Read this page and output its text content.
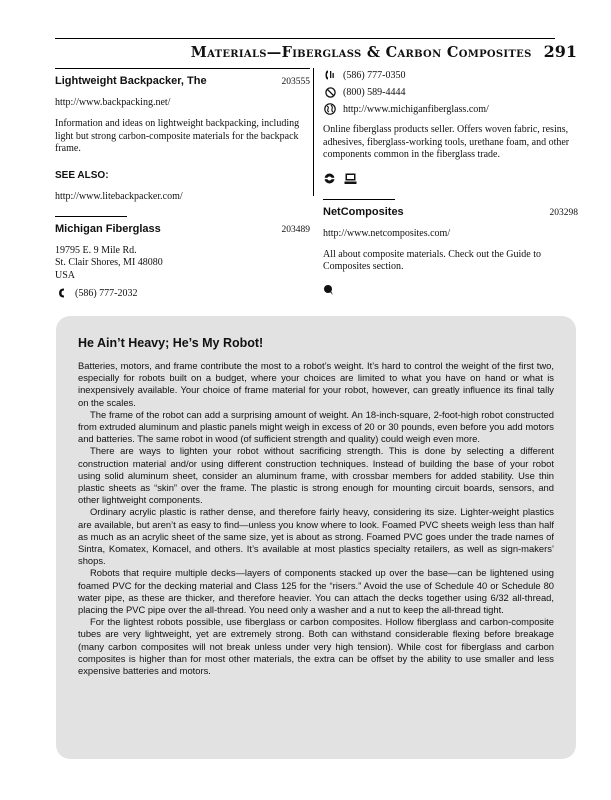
Materials—Fiberglass & Carbon Composites 291
Lightweight Backpacker, The	203555
http://www.backpacking.net/
Information and ideas on lightweight backpacking, including light but strong carbon-composite materials for the backpack frame.
SEE ALSO:
http://www.litebackpacker.com/
Michigan Fiberglass	203489
19795 E. 9 Mile Rd.
St. Clair Shores, MI 48080
USA
(586) 777-2032
(586) 777-0350
(800) 589-4444
http://www.michiganfiberglass.com/
Online fiberglass products seller. Offers woven fabric, resins, adhesives, fiberglass-working tools, urethane foam, and other components common in the fiberglass trade.
NetComposites	203298
http://www.netcomposites.com/
All about composite materials. Check out the Guide to Composites section.
He Ain’t Heavy; He’s My Robot!

Batteries, motors, and frame contribute the most to a robot’s weight. It’s hard to control the weight of the first two, especially for robots built on a budget, where your choices are limited to what you have on hand or what is inexpensively available. Your choice of frame material for your robot, however, can greatly influence its final tally on the scales.

The frame of the robot can add a surprising amount of weight. An 18-inch-square, 2-foot-high robot constructed from extruded aluminum and plastic panels might weigh in excess of 20 or 30 pounds, even before you add motors and batteries. The same robot in wood (of sufficient strength and quality) could weigh even more.

There are ways to lighten your robot without sacrificing strength. This is done by selecting a different construction material and/or using different construction techniques. Instead of building the base of your robot using solid aluminum sheet, consider an aluminum frame, with crossbar members for added stability. Use thin plastic sheets as “skin” over the frame. The plastic is strong enough for mounting circuit boards, sensors, and other lightweight components.

Ordinary acrylic plastic is rather dense, and therefore fairly heavy, considering its size. Lighter-weight plastics are available, but aren’t as easy to find—unless you know where to look. Foamed PVC sheets weigh less than half as much as an acrylic sheet of the same size, yet is about as strong. Foamed PVC goes under the trade names of Sintra, Komatex, Komacel, and others. It’s available at most plastics specialty retailers, as well as sign-makers’ shops.

Robots that require multiple decks—layers of components stacked up over the base—can be lightened using foamed PVC for the decking material and Class 125 for the “risers.” Avoid the use of Schedule 40 or Schedule 80 water pipe, as these are thicker, and therefore heavier. You can attach the decks together using 6/32 all-thread, placing the PVC pipe over the all-thread. You need only a washer and a nut to keep the all-thread tight.

For the lightest robots possible, use fiberglass or carbon composites. Hollow fiberglass and carbon-composite tubes are very lightweight, yet are extremely strong. Both can withstand considerable flexing before breakage (many carbon composites will not break unless under very high tension). While cost for fiberglass and carbon composites is higher than for most other materials, the extra can be offset by the ability to use smaller and less expensive batteries and motors.
